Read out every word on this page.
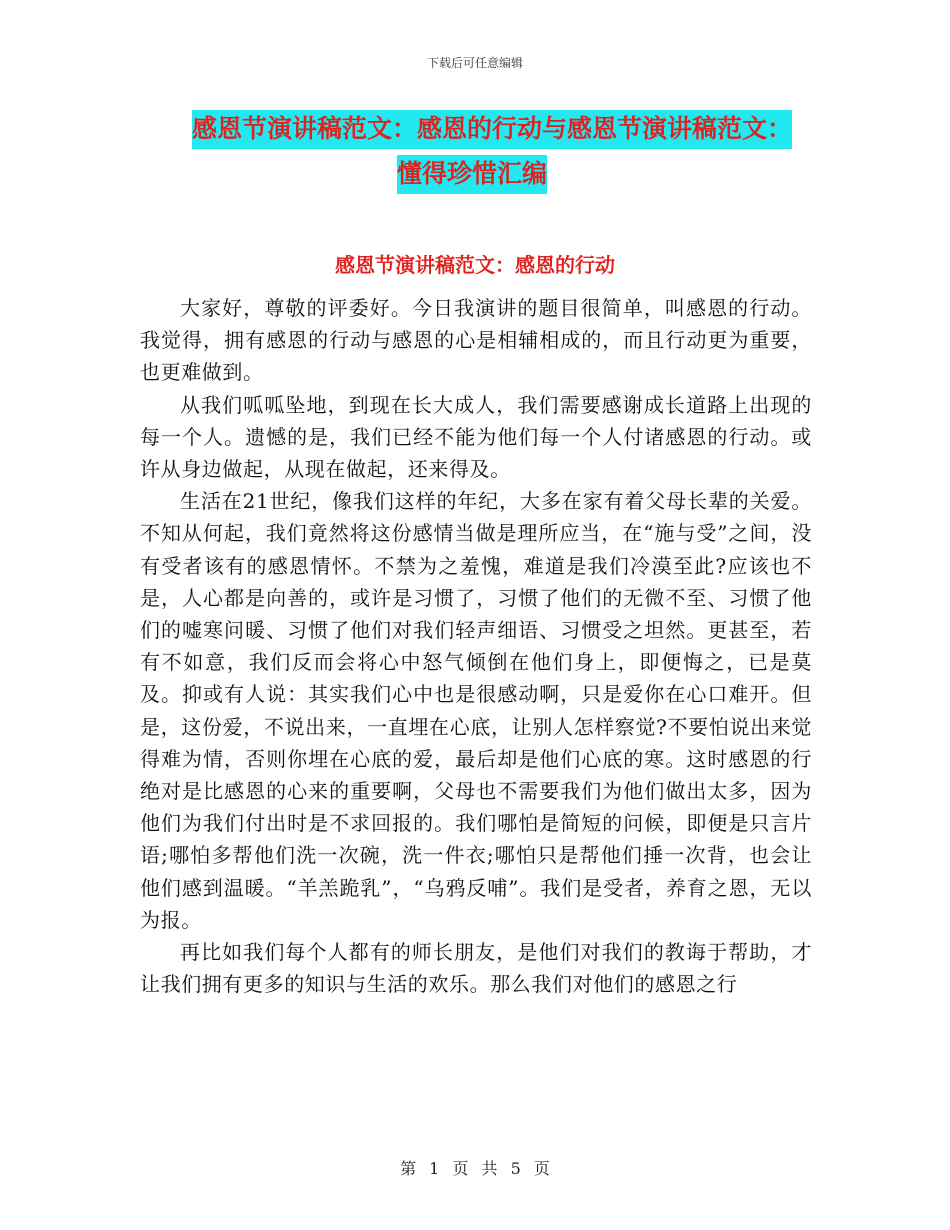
下载后可任意编辑
感恩节演讲稿范文：感恩的行动与感恩节演讲稿范文：
懂得珍惜汇编
感恩节演讲稿范文：感恩的行动

大家好，尊敬的评委好。今日我演讲的题目很简单，叫感恩的行动。我觉得，拥有感恩的行动与感恩的心是相辅相成的，而且行动更为重要，也更难做到。

从我们呱呱坠地，到现在长大成人，我们需要感谢成长道路上出现的每一个人。遗憾的是，我们已经不能为他们每一个人付诸感恩的行动。或许从身边做起，从现在做起，还来得及。

生活在21世纪，像我们这样的年纪，大多在家有着父母长辈的关爱。不知从何起，我们竟然将这份感情当做是理所应当，在“施与受”之间，没有受者该有的感恩情怀。不禁为之羞愧，难道是我们冷漠至此?应该也不是，人心都是向善的，或许是习惯了，习惯了他们的无微不至、习惯了他们的嘘寒问暖、习惯了他们对我们轻声细语、习惯受之坦然。更甚至，若有不如意，我们反而会将心中怒气倾倒在他们身上，即便悔之，已是莫及。抑或有人说：其实我们心中也是很感动啊，只是爱你在心口难开。但是，这份爱，不说出来，一直埋在心底，让别人怎样察觉?不要怕说出来觉得难为情，否则你埋在心底的爱，最后却是他们心底的寒。这时感恩的行绝对是比感恩的心来的重要啊，父母也不需要我们为他们做出太多，因为他们为我们付出时是不求回报的。我们哪怕是简短的问候，即便是只言片语;哪怕多帮他们洗一次碗，洗一件衣;哪怕只是帮他们捶一次背，也会让他们感到温暖。“羊羔跪乳”，“乌鸦反哺”。我们是受者，养育之恩，无以为报。

再比如我们每个人都有的师长朋友，是他们对我们的教诲于帮助，才让我们拥有更多的知识与生活的欢乐。那么我们对他们的感恩之行

第 1 页 共 5 页
